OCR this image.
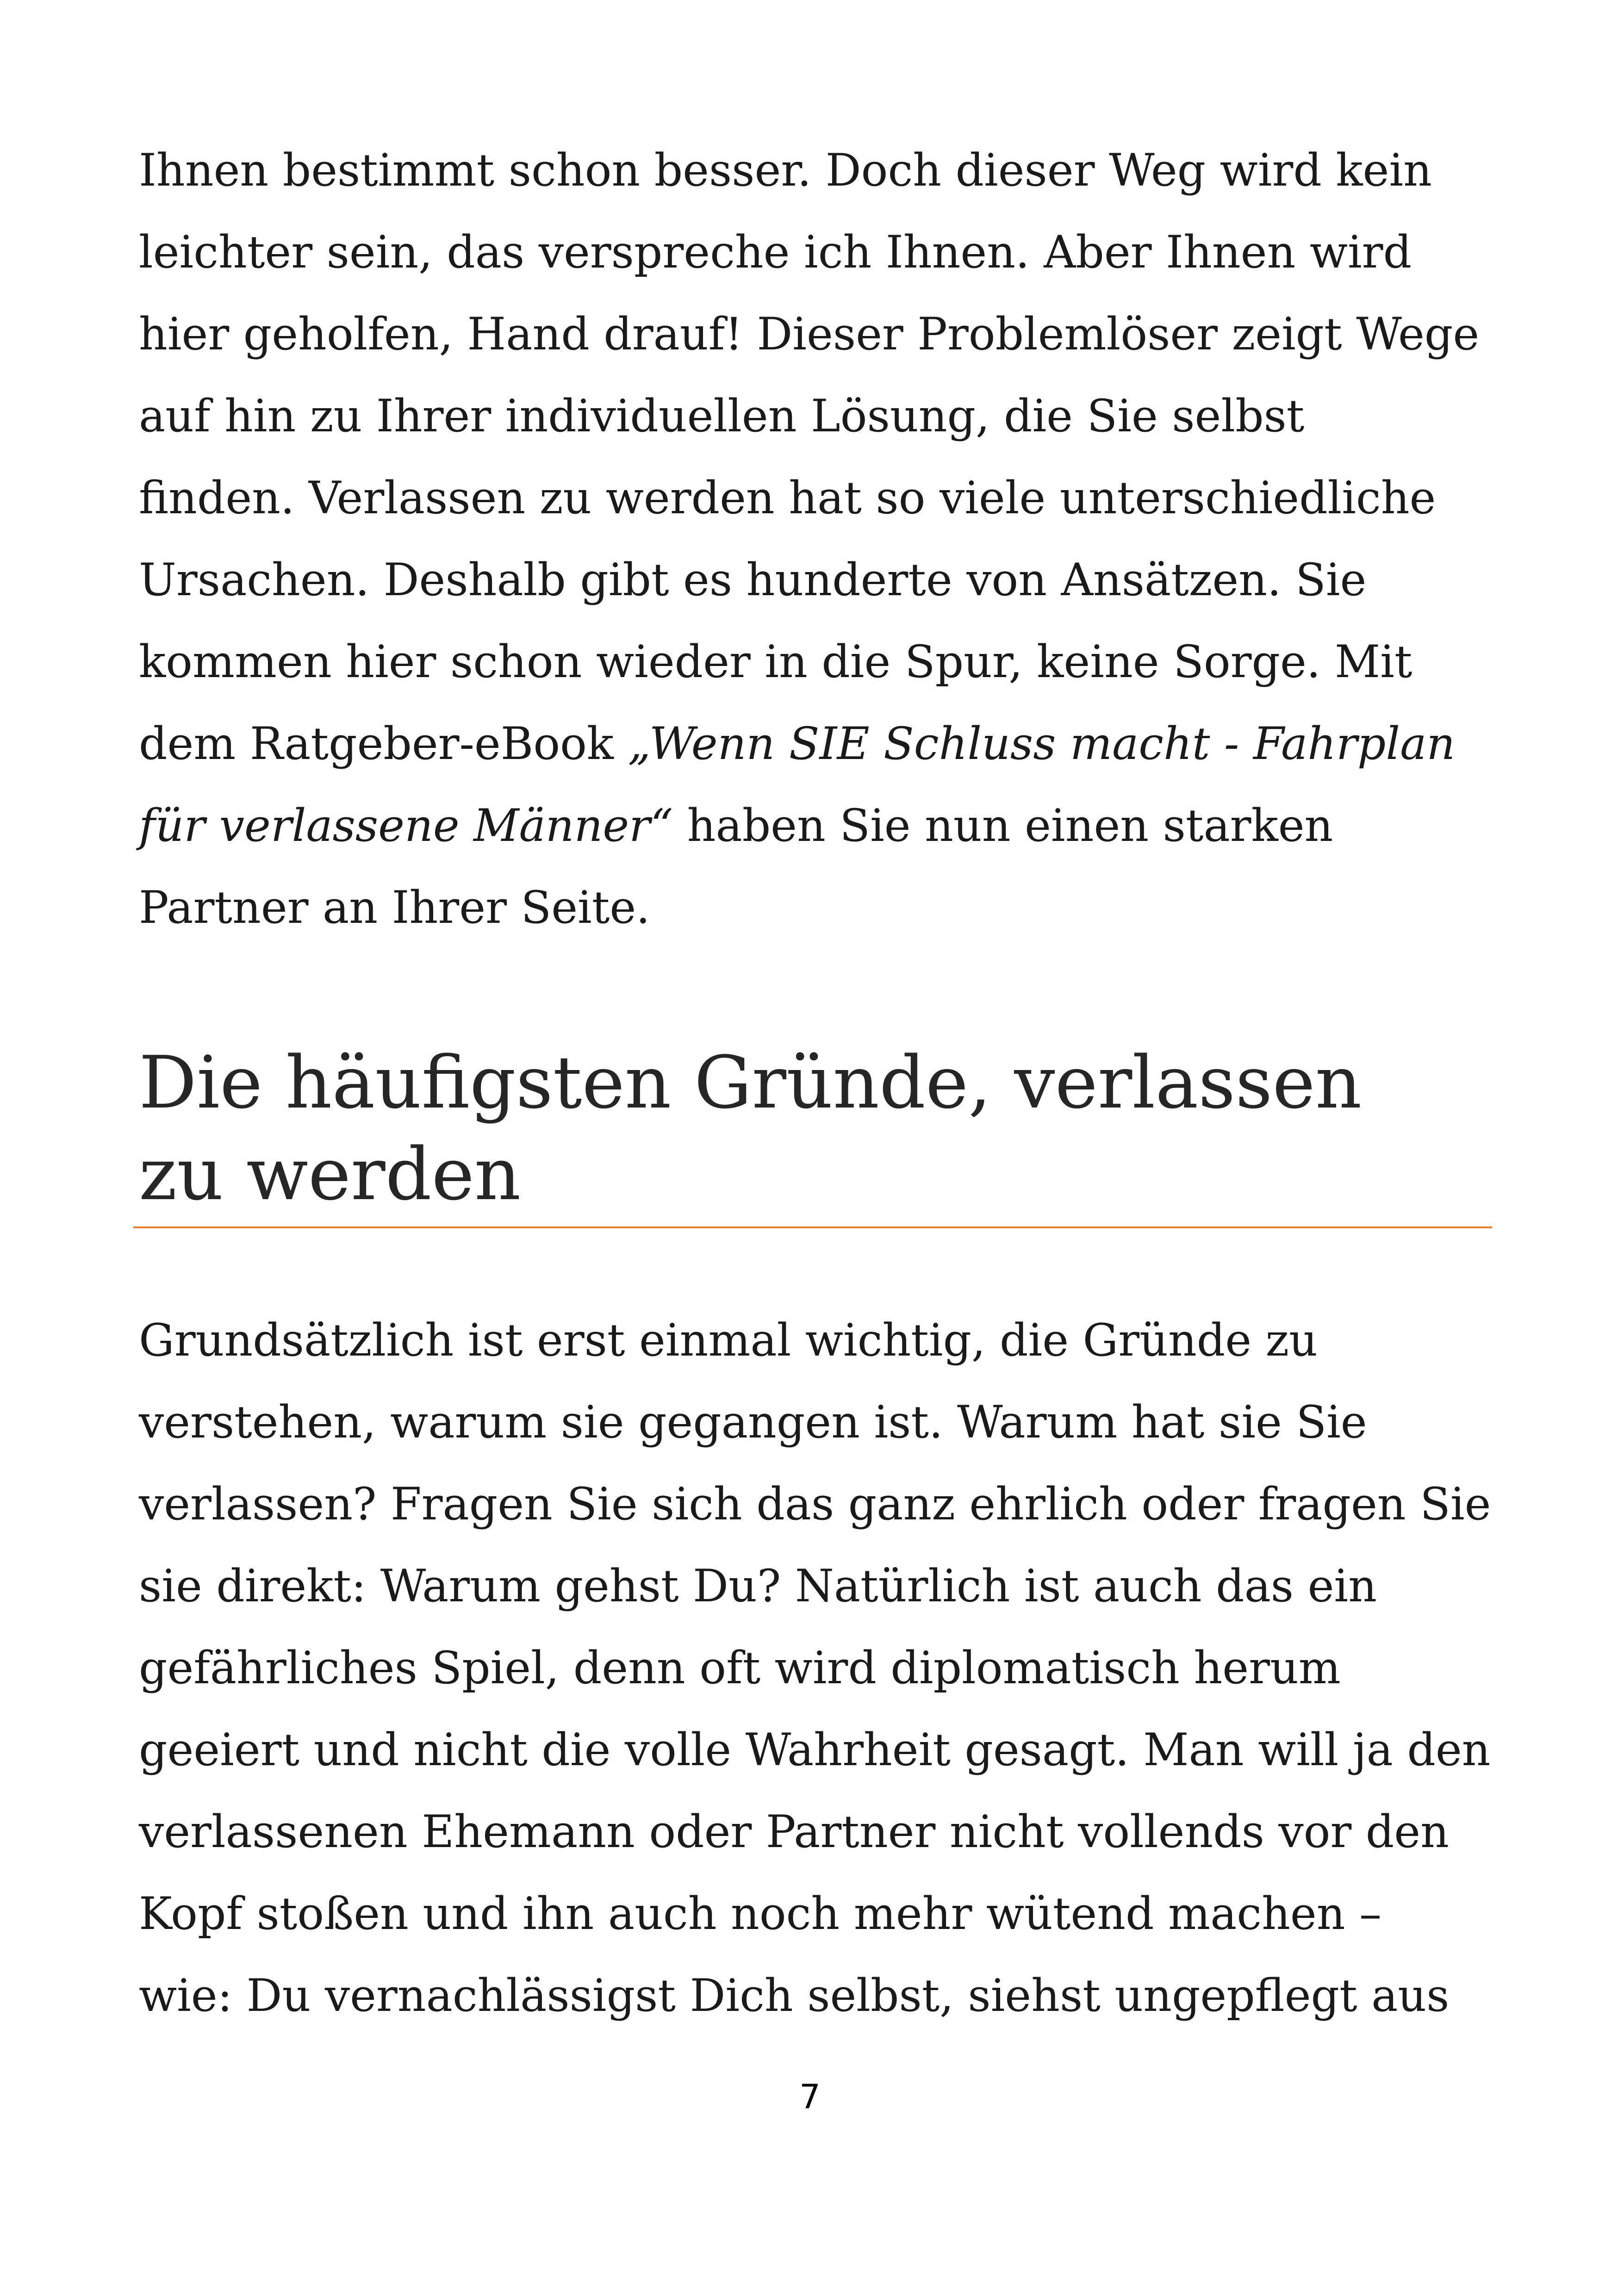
Ihnen bestimmt schon besser. Doch dieser Weg wird kein
leichter sein, das verspreche ich Ihnen. Aber Ihnen wird
hier geholfen, Hand drauf! Dieser Problemlöser zeigt Wege
auf hin zu Ihrer individuellen Lösung, die Sie selbst
finden. Verlassen zu werden hat so viele unterschiedliche
Ursachen. Deshalb gibt es hunderte von Ansätzen. Sie
kommen hier schon wieder in die Spur, keine Sorge. Mit
dem Ratgeber-eBook „Wenn SIE Schluss macht - Fahrplan
für verlassene Männer“ haben Sie nun einen starken
Partner an Ihrer Seite.

Die häufigsten Gründe, verlassen
zu werden

Grundsätzlich ist erst einmal wichtig, die Gründe zu
verstehen, warum sie gegangen ist. Warum hat sie Sie
verlassen? Fragen Sie sich das ganz ehrlich oder fragen Sie
sie direkt: Warum gehst Du? Natürlich ist auch das ein
gefährliches Spiel, denn oft wird diplomatisch herum
geeiert und nicht die volle Wahrheit gesagt. Man will ja den
verlassenen Ehemann oder Partner nicht vollends vor den
Kopf stoßen und ihn auch noch mehr wütend machen –
wie: Du vernachlässigst Dich selbst, siehst ungepflegt aus

7
